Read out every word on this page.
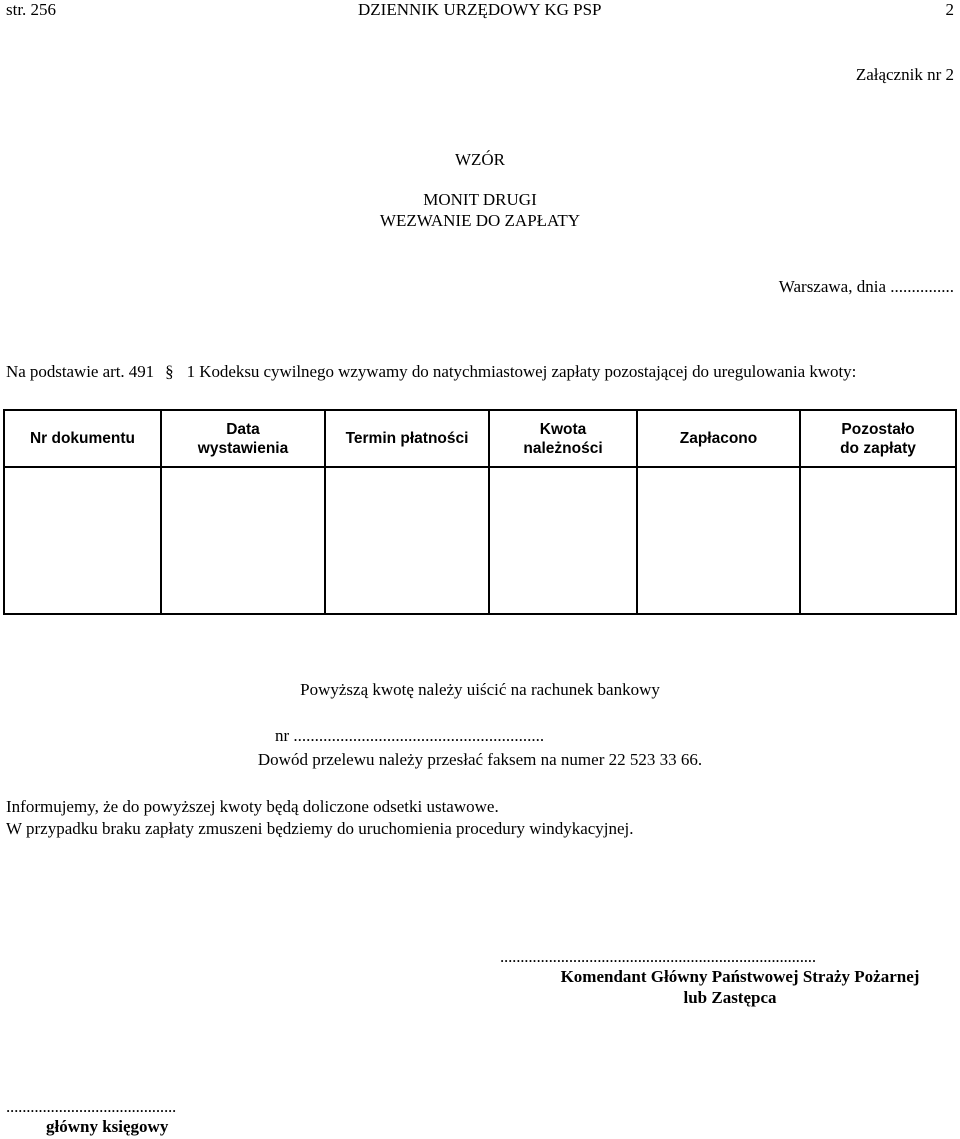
str. 256	DZIENNIK URZĘDOWY KG PSP	2
Załącznik nr 2
WZÓR
MONIT DRUGI
WEZWANIE DO ZAPŁATY
Warszawa, dnia ...............
Na podstawie art. 491 § 1 Kodeksu cywilnego wzywamy do natychmiastowej zapłaty pozostającej do uregulowania kwoty:
Nr dokumentu
Data
wystawienia
Termin płatności
Kwota
należności
Zapłacono
Pozostało
do zapłaty
Powyższą kwotę należy uiścić na rachunek bankowy
nr ...........................................................
Dowód przelewu należy przesłać faksem na numer 22 523 33 66.
Informujemy, że do powyższej kwoty będą doliczone odsetki ustawowe.
W przypadku braku zapłaty zmuszeni będziemy do uruchomienia procedury windykacyjnej.
..............................................................................
Komendant Główny Państwowej Straży Pożarnej
lub Zastępca
..........................................
główny księgowy
